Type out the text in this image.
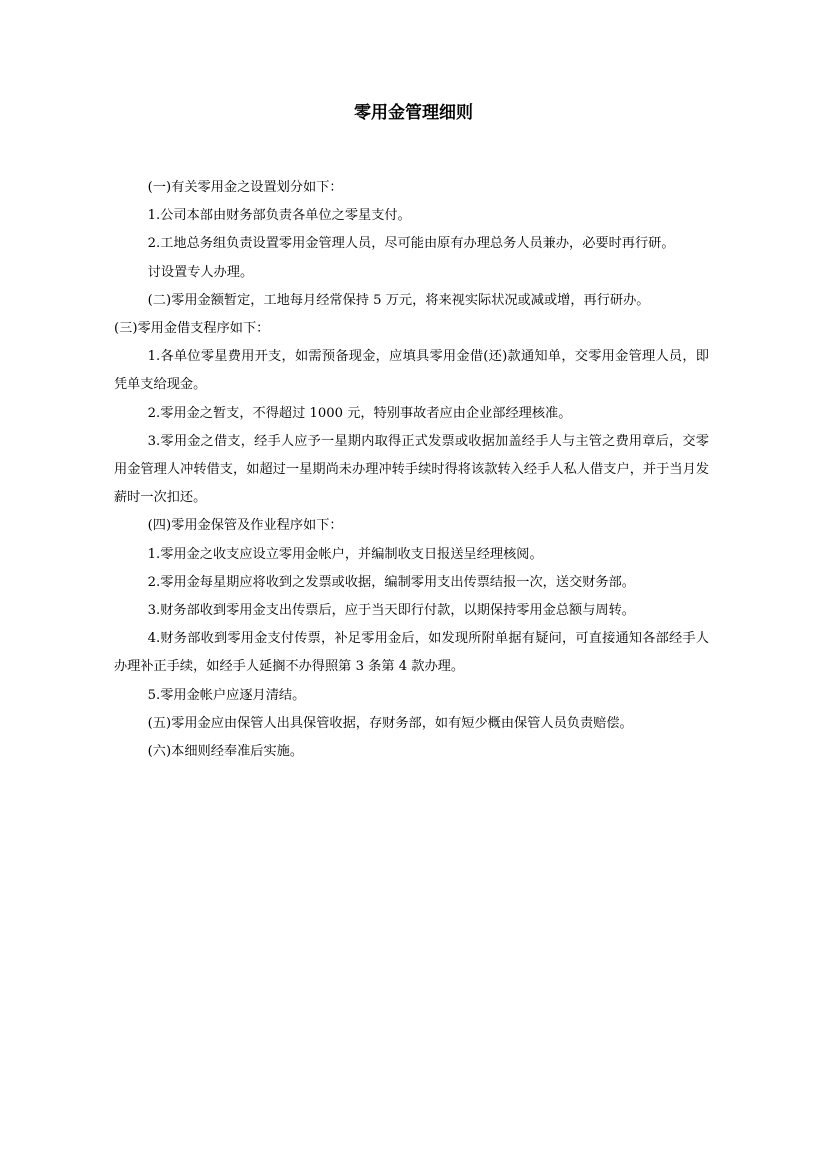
零用金管理细则

(一)有关零用金之设置划分如下：

1.公司本部由财务部负责各单位之零星支付。

2.工地总务组负责设置零用金管理人员，尽可能由原有办理总务人员兼办，必要时再行研。

讨设置专人办理。

(二)零用金额暂定，工地每月经常保持 5 万元，将来视实际状况或减或增，再行研办。

(三)零用金借支程序如下：

1.各单位零星费用开支，如需预备现金，应填具零用金借(还)款通知单，交零用金管理人员，即凭单支给现金。

2.零用金之暂支，不得超过 1000 元，特别事故者应由企业部经理核准。

3.零用金之借支，经手人应予一星期内取得正式发票或收据加盖经手人与主管之费用章后，交零用金管理人冲转借支，如超过一星期尚未办理冲转手续时得将该款转入经手人私人借支户，并于当月发薪时一次扣还。

(四)零用金保管及作业程序如下：

1.零用金之收支应设立零用金帐户，并编制收支日报送呈经理核阅。

2.零用金每星期应将收到之发票或收据，编制零用支出传票结报一次，送交财务部。

3.财务部收到零用金支出传票后，应于当天即行付款，以期保持零用金总额与周转。

4.财务部收到零用金支付传票，补足零用金后，如发现所附单据有疑问，可直接通知各部经手人办理补正手续，如经手人延搁不办得照第 3 条第 4 款办理。

5.零用金帐户应逐月清结。

(五)零用金应由保管人出具保管收据，存财务部，如有短少概由保管人员负责赔偿。

(六)本细则经奉准后实施。
